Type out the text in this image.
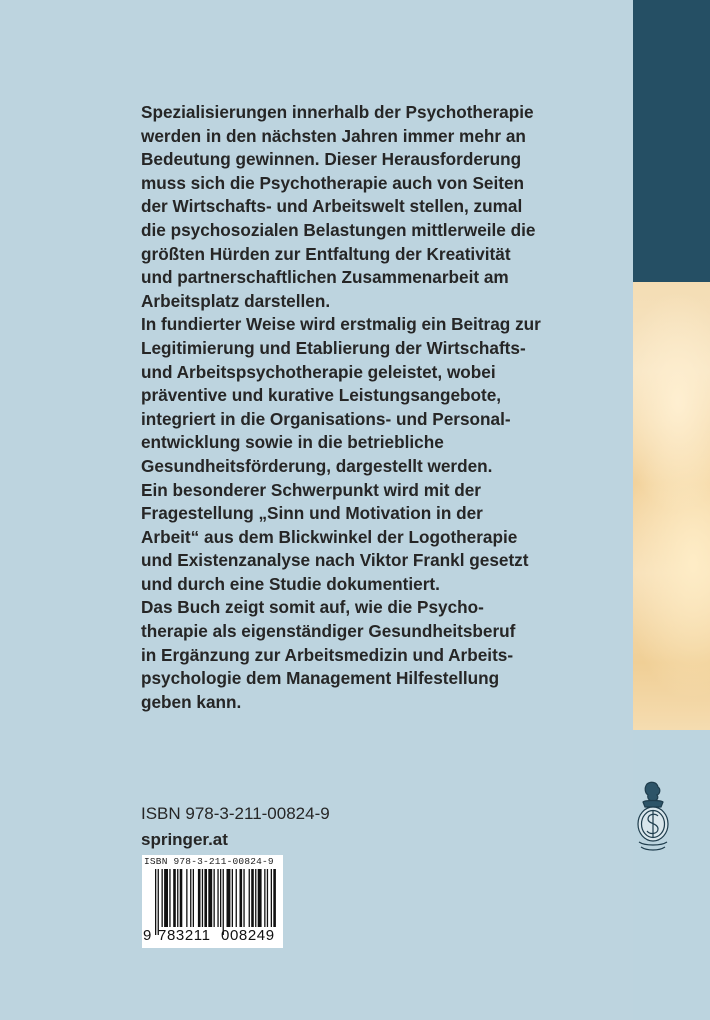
Spezialisierungen innerhalb der Psychotherapie

werden in den nächsten Jahren immer mehr an

Bedeutung gewinnen. Dieser Herausforderung

muss sich die Psychotherapie auch von Seiten

der Wirtschafts- und Arbeitswelt stellen, zumal

die psychosozialen Belastungen mittlerweile die

größten Hürden zur Entfaltung der Kreativität

und partnerschaftlichen Zusammenarbeit am

Arbeitsplatz darstellen.

In fundierter Weise wird erstmalig ein Beitrag zur

Legitimierung und Etablierung der Wirtschafts-

und Arbeitspsychotherapie geleistet, wobei

präventive und kurative Leistungsangebote,

integriert in die Organisations- und Personal-

entwicklung sowie in die betriebliche

Gesundheitsförderung, dargestellt werden.

Ein besonderer Schwerpunkt wird mit der

Fragestellung „Sinn und Motivation in der

Arbeit“ aus dem Blickwinkel der Logotherapie

und Existenzanalyse nach Viktor Frankl gesetzt

und durch eine Studie dokumentiert.

Das Buch zeigt somit auf, wie die Psycho-

therapie als eigenständiger Gesundheitsberuf

in Ergänzung zur Arbeitsmedizin und Arbeits-

psychologie dem Management Hilfestellung

geben kann.

ISBN 978-3-211-00824-9
springer.at
ISBN 978-3-211-00824-9
9 783211 008249
